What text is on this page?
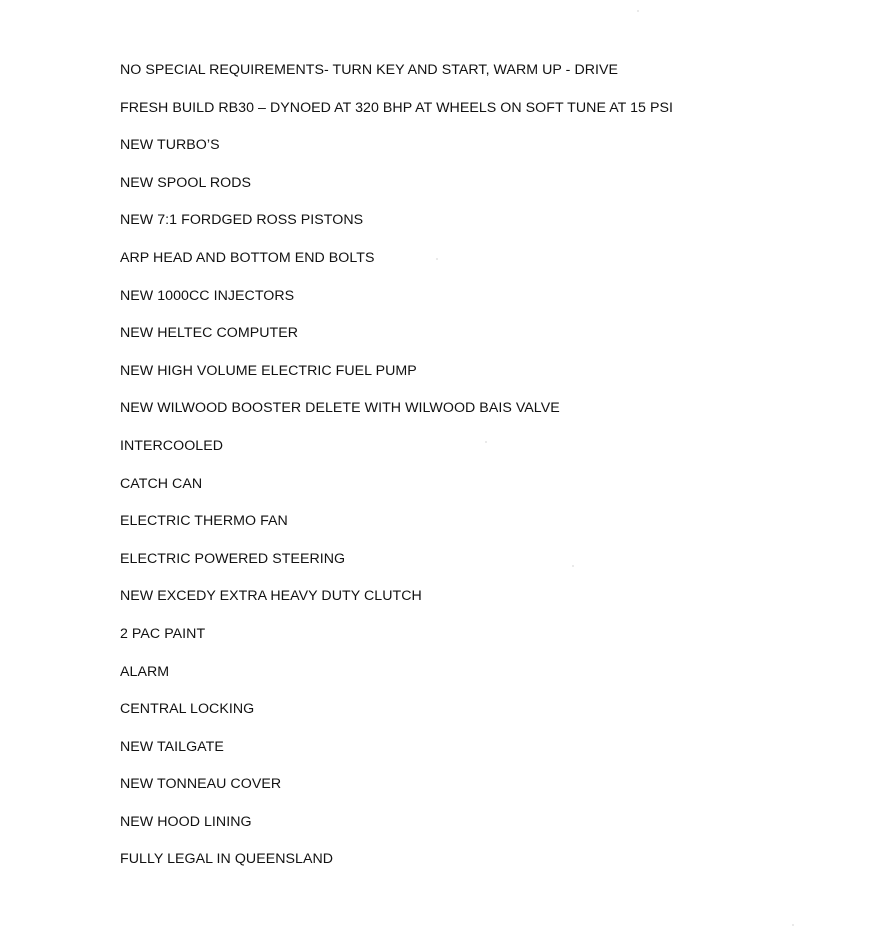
NO SPECIAL REQUIREMENTS- TURN KEY AND START, WARM UP - DRIVE
FRESH BUILD RB30 – DYNOED AT 320 BHP AT WHEELS ON SOFT TUNE AT 15 PSI
NEW TURBO’S
NEW SPOOL RODS
NEW 7:1 FORDGED ROSS PISTONS
ARP HEAD AND BOTTOM END BOLTS
NEW 1000CC INJECTORS
NEW HELTEC COMPUTER
NEW HIGH VOLUME ELECTRIC FUEL PUMP
NEW WILWOOD BOOSTER DELETE WITH WILWOOD BAIS VALVE
INTERCOOLED
CATCH CAN
ELECTRIC THERMO FAN
ELECTRIC POWERED STEERING
NEW EXCEDY EXTRA HEAVY DUTY CLUTCH
2 PAC PAINT
ALARM
CENTRAL LOCKING
NEW TAILGATE
NEW TONNEAU COVER
NEW HOOD LINING
FULLY LEGAL IN QUEENSLAND
